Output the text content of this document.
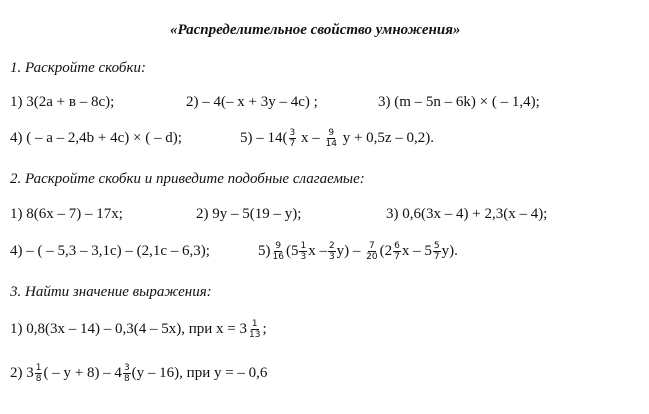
«Распределительное свойство умножения»
1. Раскройте скобки:
1) 3(2а + в – 8с);	2) – 4(– х + 3у – 4с) ;	3) (m – 5n – 6k) × ( – 1,4);
4) ( – а – 2,4b + 4с) × ( – d);	$5) - 14( \frac{3}{7}$ x – $\frac{9}{14}$ y + 0,5z – 0,2).
2. Раскройте скобки и приведите подобные слагаемые:
1) 8(6х – 7) – 17х;	2) 9у – 5(19 – у);	3) 0,6(3х – 4) + 2,3(х – 4);
4) – ( – 5,3 – 3,1с) – (2,1с – 6,3);	$5) \frac{9}{16} (5 \frac{1}{3}$ x – $\frac{2}{3} y) - \frac{7}{20} (2 \frac{6}{7}$ x – $5 \frac{5}{7} y$).
3. Найти значение выражения:
1) 0,8(3х – 14) – 0,3(4 – 5х), при $х = 3 \frac{1}{13}$ ;
2) $3 \frac{1}{8}$ ( – $у + 8) - 4 \frac{3}{8} (у - 16)$, при у = – 0,6
